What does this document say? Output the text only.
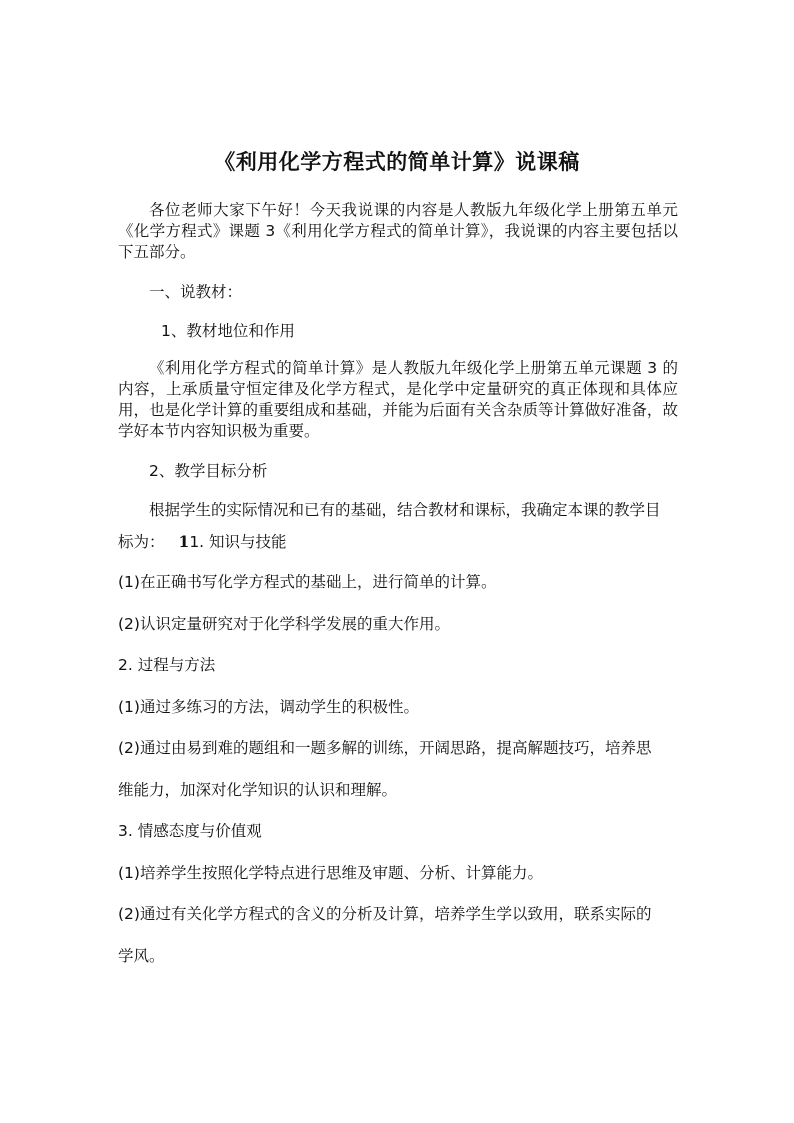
《利用化学方程式的简单计算》说课稿
各位老师大家下午好！今天我说课的内容是人教版九年级化学上册第五单元《化学方程式》课题 3《利用化学方程式的简单计算》，我说课的内容主要包括以下五部分。
一、说教材：
1、教材地位和作用
《利用化学方程式的简单计算》是人教版九年级化学上册第五单元课题 3 的内容，上承质量守恒定律及化学方程式，是化学中定量研究的真正体现和具体应用，也是化学计算的重要组成和基础，并能为后面有关含杂质等计算做好准备，故学好本节内容知识极为重要。
2、教学目标分析
根据学生的实际情况和已有的基础，结合教材和课标，我确定本课的教学目
标为： 11. 知识与技能
(1)在正确书写化学方程式的基础上，进行简单的计算。
(2)认识定量研究对于化学科学发展的重大作用。
2. 过程与方法
(1)通过多练习的方法，调动学生的积极性。
(2)通过由易到难的题组和一题多解的训练，开阔思路，提高解题技巧，培养思
维能力，加深对化学知识的认识和理解。
3. 情感态度与价值观
(1)培养学生按照化学特点进行思维及审题、分析、计算能力。
(2)通过有关化学方程式的含义的分析及计算，培养学生学以致用，联系实际的
学风。
